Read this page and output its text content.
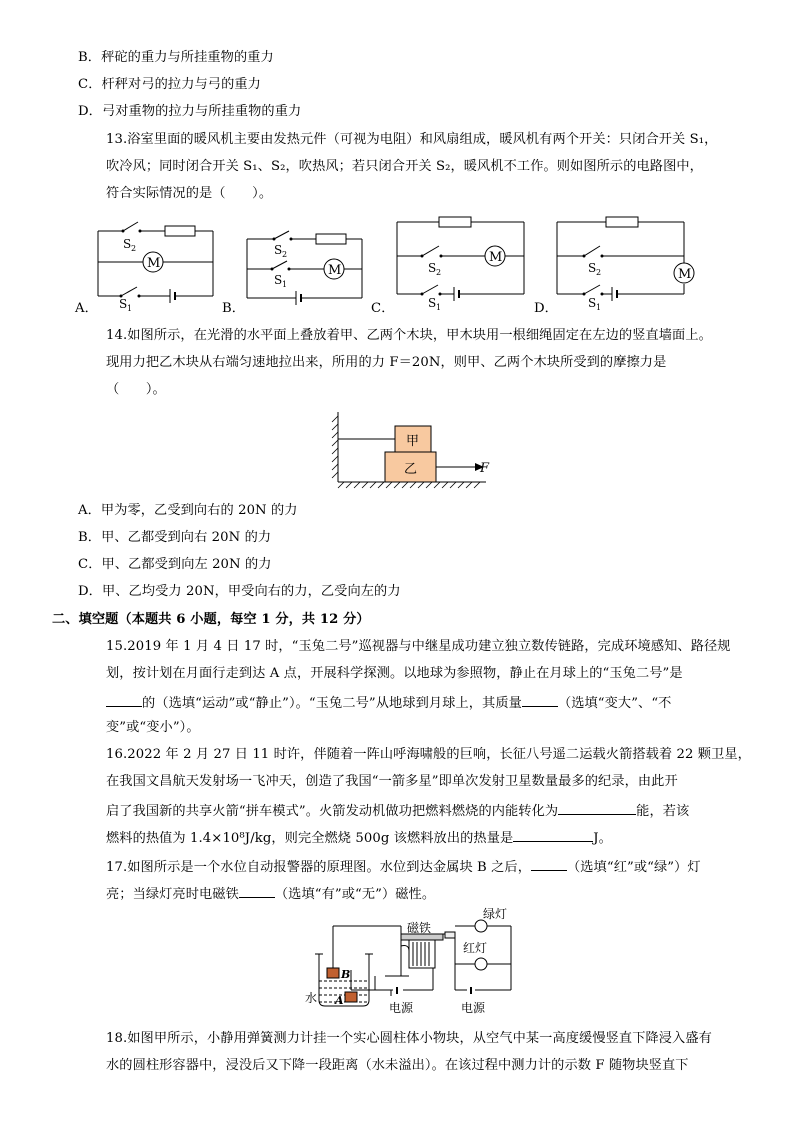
B．秤砣的重力与所挂重物的重力
C．杆秤对弓的拉力与弓的重力
D．弓对重物的拉力与所挂重物的重力
13.浴室里面的暖风机主要由发热元件（可视为电阻）和风扇组成，暖风机有两个开关：只闭合开关 S₁，
吹冷风；同时闭合开关 S₁、S₂，吹热风；若只闭合开关 S₂，暖风机不工作。则如图所示的电路图中，
符合实际情况的是（　　）。
A．
M
S 2
S 1	B．
M
S 2
S 1
C．
M
S 2
S 1	D．
M
S 2
S 1
14.如图所示，在光滑的水平面上叠放着甲、乙两个木块，甲木块用一根细绳固定在左边的竖直墙面上。
现用力把乙木块从右端匀速地拉出来，所用的力 F＝20N，则甲、乙两个木块所受到的摩擦力是
（　　）。
甲
乙	F
A．甲为零，乙受到向右的 20N 的力
B．甲、乙都受到向右 20N 的力
C．甲、乙都受到向左 20N 的力
D．甲、乙均受力 20N，甲受向右的力，乙受向左的力
二、填空题（本题共 6 小题，每空 1 分，共 12 分）
15.2019 年 1 月 4 日 17 时，“玉兔二号”巡视器与中继星成功建立独立数传链路，完成环境感知、路径规
划，按计划在月面行走到达 A 点，开展科学探测。以地球为参照物，静止在月球上的“玉兔二号”是
的（选填“运动”或“静止”）。“玉兔二号”从地球到月球上，其质量	（选填“变大”、“不
变”或“变小”）。
16.2022 年 2 月 27 日 11 时许，伴随着一阵山呼海啸般的巨响，长征八号遥二运载火箭搭载着 22 颗卫星，
在我国文昌航天发射场一飞冲天，创造了我国“一箭多星”即单次发射卫星数量最多的纪录，由此开
启了我国新的共享火箭“拼车模式”。火箭发动机做功把燃料燃烧的内能转化为	能，若该
燃料的热值为 1.4×10⁸J/kg，则完全燃烧 500g 该燃料放出的热量是	J。
17.如图所示是一个水位自动报警器的原理图。水位到达金属块 B 之后，	（选填“红”或“绿”）灯
亮；当绿灯亮时电磁铁	（选填“有”或“无”）磁性。
磁铁
绿灯
红灯
水
电源	电源
B
A
18.如图甲所示，小静用弹簧测力计挂一个实心圆柱体小物块，从空气中某一高度缓慢竖直下降浸入盛有
水的圆柱形容器中，浸没后又下降一段距离（水未溢出）。在该过程中测力计的示数 F 随物块竖直下
